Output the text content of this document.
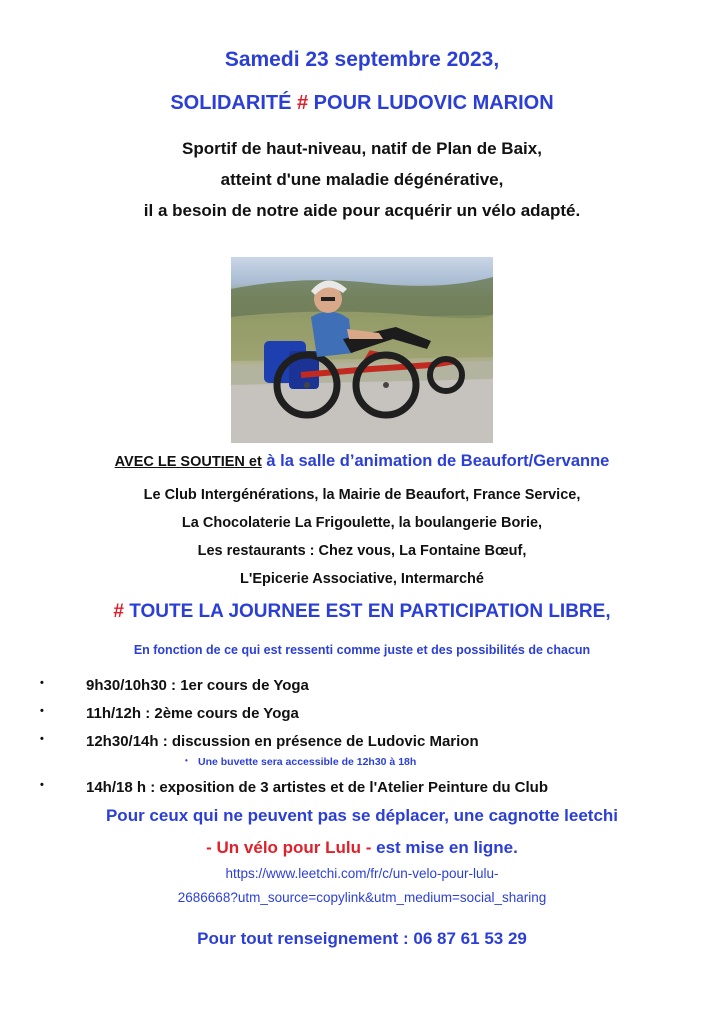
Samedi 23 septembre 2023,
SOLIDARITÉ # POUR LUDOVIC MARION
Sportif de haut-niveau, natif de Plan de Baix,
atteint d'une maladie dégénérative,
il a besoin de notre aide pour acquérir un vélo adapté.
AVEC LE SOUTIEN et à la salle d’animation de Beaufort/Gervanne
Le Club Intergénérations, la Mairie de Beaufort, France Service,
La Chocolaterie La Frigoulette, la boulangerie Borie,
Les restaurants : Chez vous, La Fontaine Bœuf,
L'Epicerie Associative, Intermarché
# TOUTE LA JOURNEE EST EN PARTICIPATION LIBRE,
En fonction de ce qui est ressenti comme juste et des possibilités de chacun
•	9h30/10h30 : 1er cours de Yoga
•	11h/12h : 2ème cours de Yoga
•	12h30/14h : discussion en présence de Ludovic Marion
• Une buvette sera accessible de 12h30 à 18h
•	14h/18 h : exposition de 3 artistes et de l'Atelier Peinture du Club
Pour ceux qui ne peuvent pas se déplacer, une cagnotte leetchi
- Un vélo pour Lulu - est mise en ligne.
https://www.leetchi.com/fr/c/un-velo-pour-lulu-
2686668?utm_source=copylink&utm_medium=social_sharing
Pour tout renseignement : 06 87 61 53 29
